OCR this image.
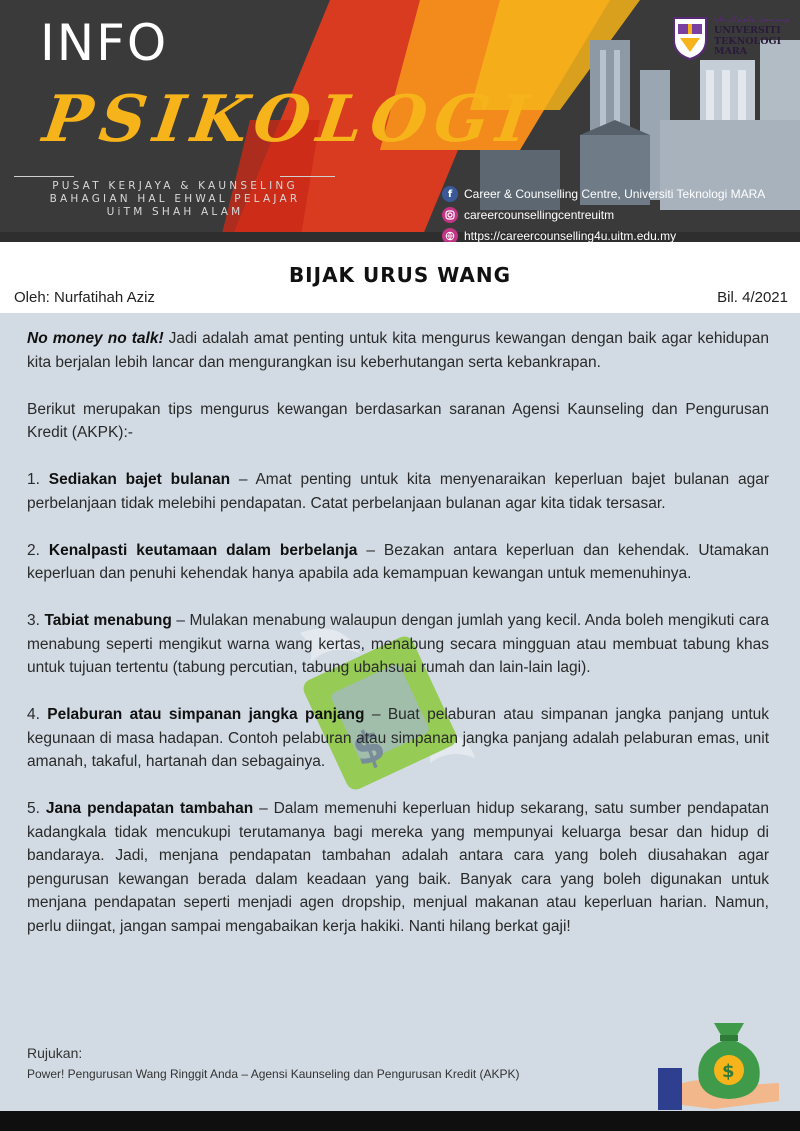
INFO
PSIKOLOGI
PUSAT KERJAYA & KAUNSELING
BAHAGIAN HAL EHWAL PELAJAR
UiTM SHAH ALAM
ﯾﻮﻧﯿﺒﺮﺳﯿﺘﻲ ﺗﯿﻜﻨﻮﻟﻮﮔﻲ ﻣﺎرا
UNIVERSITI
TEKNOLOGI
MARA
f Career & Counselling Centre, Universiti Teknologi MARA
careercounsellingcentreuitm
https://careercounselling4u.uitm.edu.my
BIJAK URUS WANG
Oleh: Nurfatihah Aziz	Bil. 4/2021
$

No money no talk! Jadi adalah amat penting untuk kita mengurus kewangan dengan baik agar kehidupan kita berjalan lebih lancar dan mengurangkan isu keberhutangan serta kebankrapan.

Berikut merupakan tips mengurus kewangan berdasarkan saranan Agensi Kaunseling dan Pengurusan Kredit (AKPK):-

1. Sediakan bajet bulanan – Amat penting untuk kita menyenaraikan keperluan bajet bulanan agar perbelanjaan tidak melebihi pendapatan. Catat perbelanjaan bulanan agar kita tidak tersasar.

2. Kenalpasti keutamaan dalam berbelanja – Bezakan antara keperluan dan kehendak. Utamakan keperluan dan penuhi kehendak hanya apabila ada kemampuan kewangan untuk memenuhinya.

3. Tabiat menabung – Mulakan menabung walaupun dengan jumlah yang kecil. Anda boleh mengikuti cara menabung seperti mengikut warna wang kertas, menabung secara mingguan atau membuat tabung khas untuk tujuan tertentu (tabung percutian, tabung ubahsuai rumah dan lain-lain lagi).

4. Pelaburan atau simpanan jangka panjang – Buat pelaburan atau simpanan jangka panjang untuk kegunaan di masa hadapan. Contoh pelaburan atau simpanan jangka panjang adalah pelaburan emas, unit amanah, takaful, hartanah dan sebagainya.

5. Jana pendapatan tambahan – Dalam memenuhi keperluan hidup sekarang, satu sumber pendapatan kadangkala tidak mencukupi terutamanya bagi mereka yang mempunyai keluarga besar dan hidup di bandaraya. Jadi, menjana pendapatan tambahan adalah antara cara yang boleh diusahakan agar pengurusan kewangan berada dalam keadaan yang baik. Banyak cara yang boleh digunakan untuk menjana pendapatan seperti menjadi agen dropship, menjual makanan atau keperluan harian. Namun, perlu diingat, jangan sampai mengabaikan kerja hakiki. Nanti hilang berkat gaji!

Rujukan:
Power! Pengurusan Wang Ringgit Anda – Agensi Kaunseling dan Pengurusan Kredit (AKPK)	$
